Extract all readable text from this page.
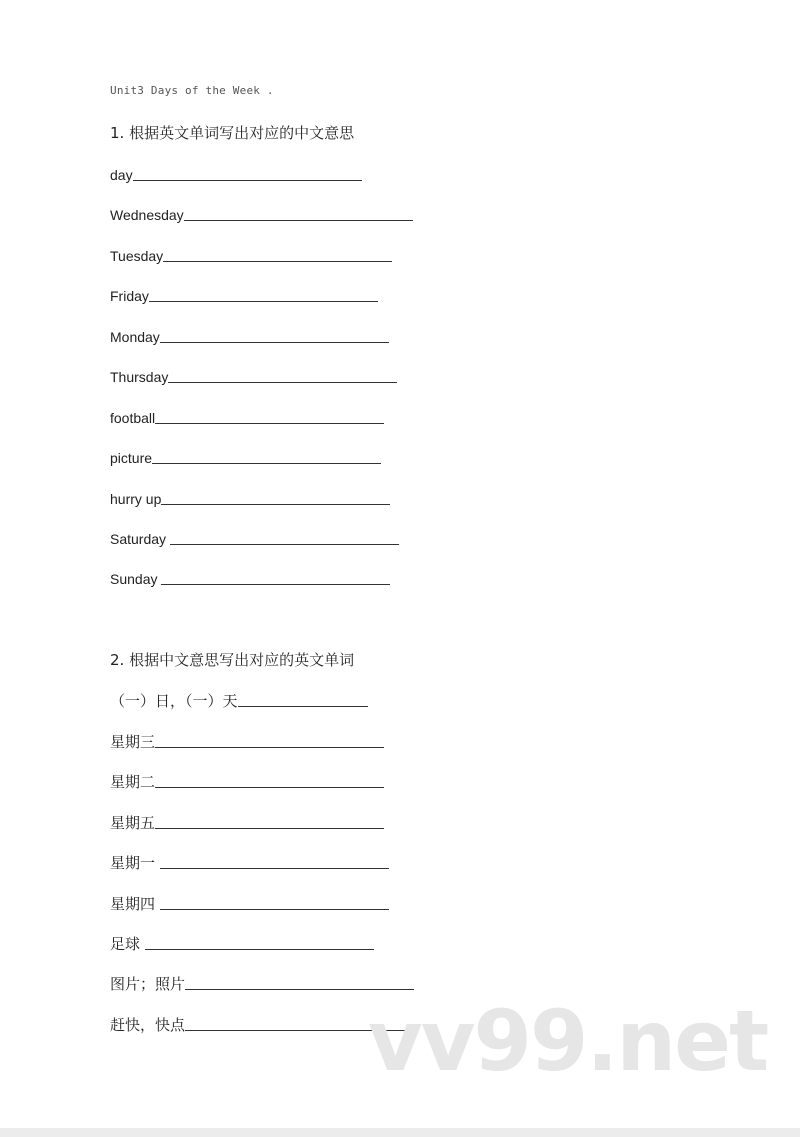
Unit3 Days of the Week .
1. 根据英文单词写出对应的中文意思
day
Wednesday
Tuesday
Friday
Monday
Thursday
football
picture
hurry up
Saturday
Sunday
2. 根据中文意思写出对应的英文单词
（一）日，（一）天
星期三
星期二
星期五
星期一
星期四
足球
图片；照片
赶快，快点 vv99.net
